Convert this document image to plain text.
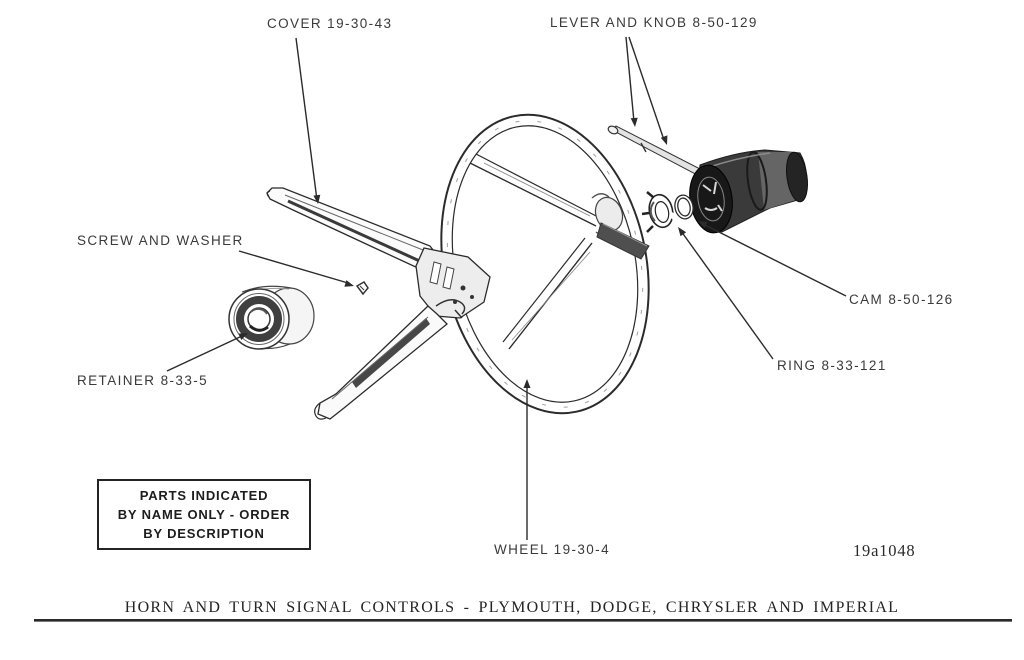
COVER 19-30-43	LEVER AND KNOB 8-50-129
SCREW AND WASHER
RETAINER 8-33-5
CAM 8-50-126
RING 8-33-121
WHEEL 19-30-4
PARTS INDICATED
BY NAME ONLY - ORDER
BY DESCRIPTION
19a1048
HORN AND TURN SIGNAL CONTROLS - PLYMOUTH, DODGE, CHRYSLER AND IMPERIAL
